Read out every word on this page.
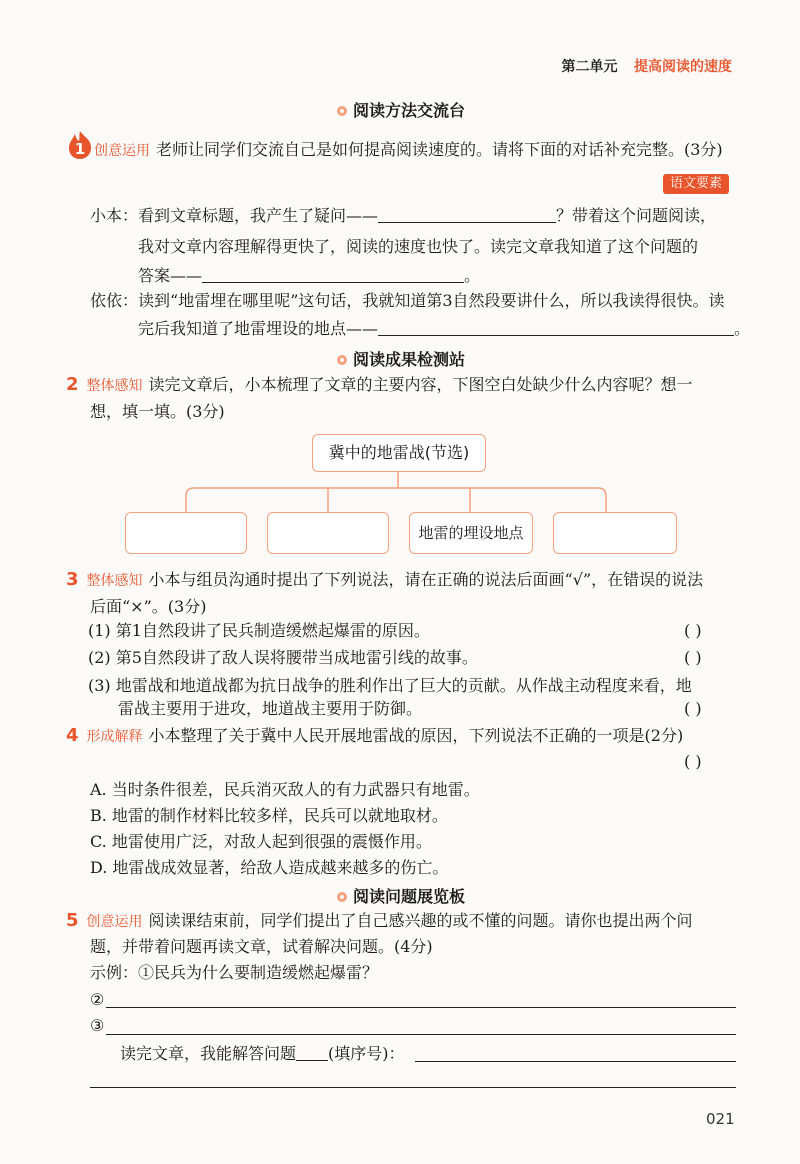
第二单元 提高阅读的速度
阅读方法交流台
1 创意运用 老师让同学们交流自己是如何提高阅读速度的。请将下面的对话补充完整。(3分)
语文要素
小本：看到文章标题，我产生了疑问——	？带着这个问题阅读，
我对文章内容理解得更快了，阅读的速度也快了。读完文章我知道了这个问题的
答案——	。
依依：读到“地雷埋在哪里呢”这句话，我就知道第3自然段要讲什么，所以我读得很快。读
完后我知道了地雷埋设的地点——	。
阅读成果检测站
2 整体感知 读完文章后，小本梳理了文章的主要内容，下图空白处缺少什么内容呢？想一
想，填一填。(3分)
冀中的地雷战(节选)
地雷的埋设地点
3 整体感知 小本与组员沟通时提出了下列说法，请在正确的说法后面画“√”，在错误的说法
后面“×”。(3分)
(1) 第1自然段讲了民兵制造缓燃起爆雷的原因。	( )
(2) 第5自然段讲了敌人误将腰带当成地雷引线的故事。	( )
(3) 地雷战和地道战都为抗日战争的胜利作出了巨大的贡献。从作战主动程度来看，地
雷战主要用于进攻，地道战主要用于防御。	( )
4 形成解释 小本整理了关于冀中人民开展地雷战的原因，下列说法不正确的一项是(2分)
( )
A. 当时条件很差，民兵消灭敌人的有力武器只有地雷。
B. 地雷的制作材料比较多样，民兵可以就地取材。
C. 地雷使用广泛，对敌人起到很强的震慑作用。
D. 地雷战成效显著，给敌人造成越来越多的伤亡。
阅读问题展览板
5 创意运用 阅读课结束前，同学们提出了自己感兴趣的或不懂的问题。请你也提出两个问
题，并带着问题再读文章，试着解决问题。(4分)
示例：①民兵为什么要制造缓燃起爆雷？
②
③
读完文章，我能解答问题 (填序号)：
021
